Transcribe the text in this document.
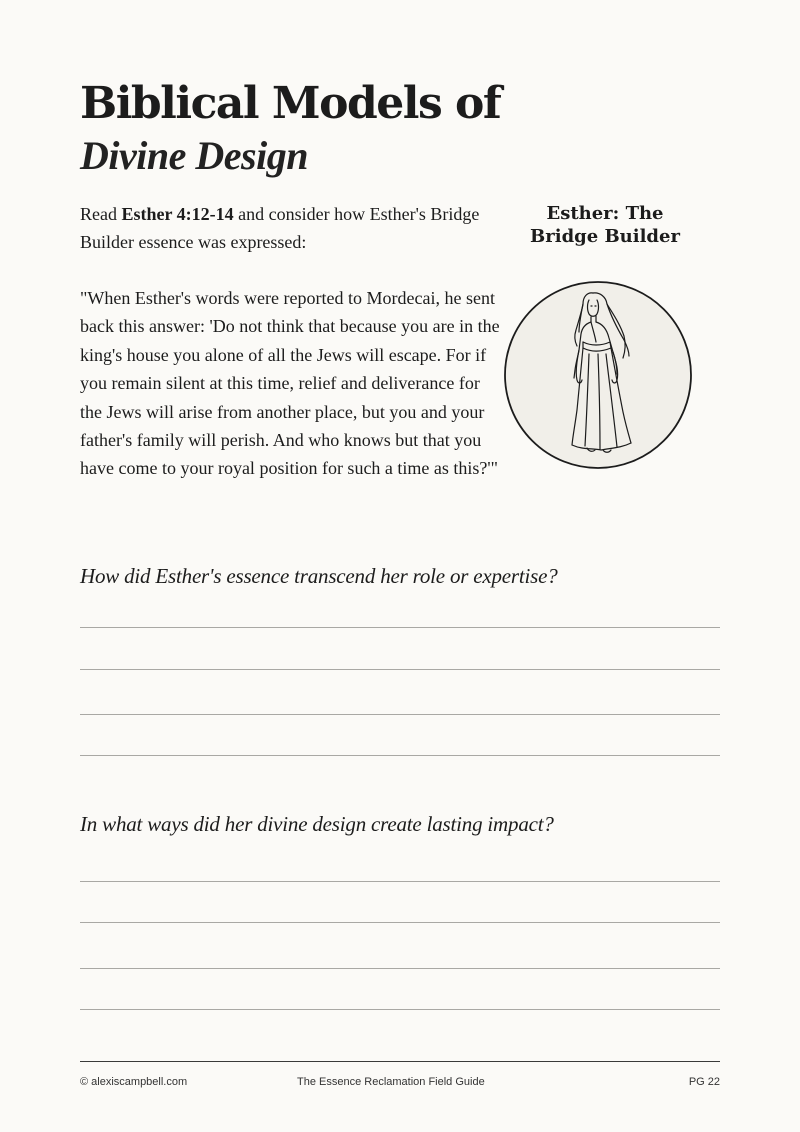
Biblical Models of
Divine Design

Read Esther 4:12-14 and consider how Esther's Bridge Builder essence was expressed:

"When Esther's words were reported to Mordecai, he sent back this answer: 'Do not think that because you are in the king's house you alone of all the Jews will escape. For if you remain silent at this time, relief and deliverance for the Jews will arise from another place, but you and your father's family will perish. And who knows but that you have come to your royal position for such a time as this?'"

Esther: The
Bridge Builder

How did Esther's essence transcend her role or expertise?

In what ways did her divine design create lasting impact?

© alexiscampbell.com	The Essence Reclamation Field Guide	PG 22
